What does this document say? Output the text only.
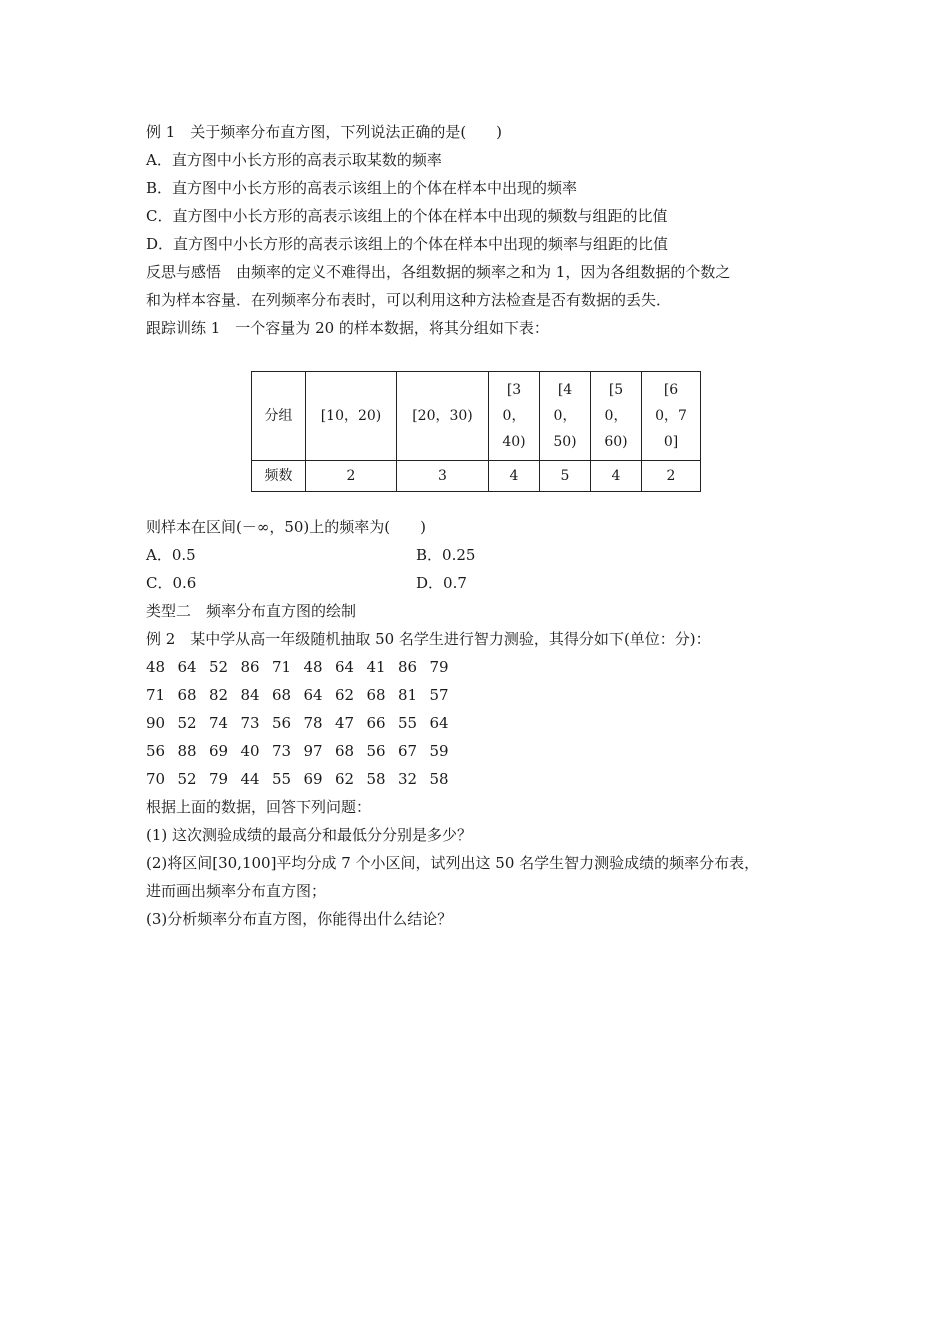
例 1　关于频率分布直方图，下列说法正确的是(　　)
A．直方图中小长方形的高表示取某数的频率
B．直方图中小长方形的高表示该组上的个体在样本中出现的频率
C．直方图中小长方形的高表示该组上的个体在样本中出现的频数与组距的比值
D．直方图中小长方形的高表示该组上的个体在样本中出现的频率与组距的比值
反思与感悟　由频率的定义不难得出，各组数据的频率之和为 1，因为各组数据的个数之
和为样本容量．在列频率分布表时，可以利用这种方法检查是否有数据的丢失．
跟踪训练 1　一个容量为 20 的样本数据，将其分组如下表：
分组	[10，20)	[20，30)	[30，40)	[40，50)	[50，60)	[60，70]

频数	2	3	4	5	4	2
则样本在区间(－∞，50)上的频率为(　　)
A．0.5	B．0.25
C．0.6	D．0.7
类型二　频率分布直方图的绘制
例 2　某中学从高一年级随机抽取 50 名学生进行智力测验，其得分如下(单位：分)：
48 64 52 86 71 48 64 41 86 79
71 68 82 84 68 64 62 68 81 57
90 52 74 73 56 78 47 66 55 64
56 88 69 40 73 97 68 56 67 59
70 52 79 44 55 69 62 58 32 58
根据上面的数据，回答下列问题：
(1) 这次测验成绩的最高分和最低分分别是多少？
(2)将区间[30,100]平均分成 7 个小区间，试列出这 50 名学生智力测验成绩的频率分布表，
进而画出频率分布直方图；
(3)分析频率分布直方图，你能得出什么结论？
